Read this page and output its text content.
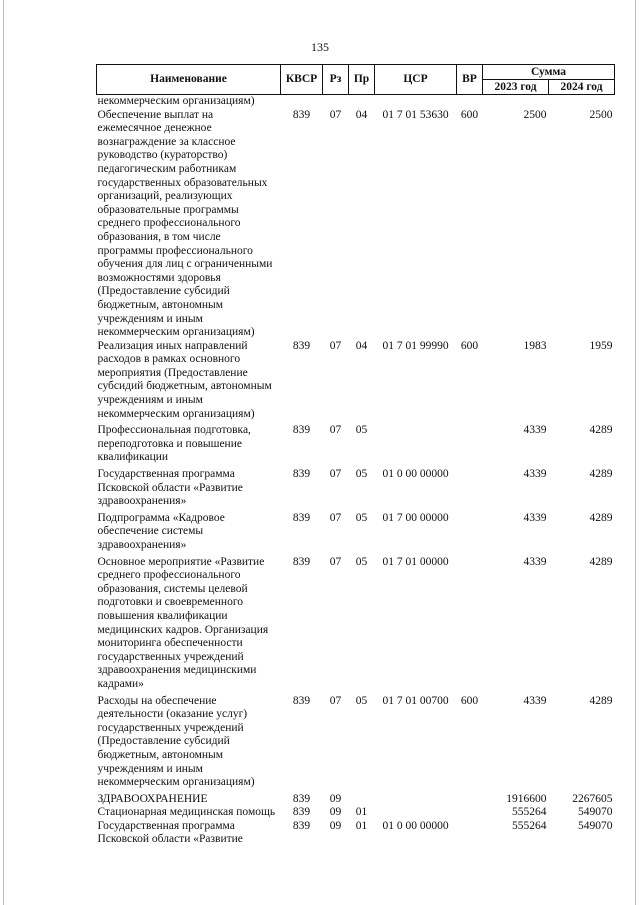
135
Наименование	КВСР	Рз	Пр	ЦСР	ВР	Сумма	
						2023 год	2024 год
некоммерческим организациям)							
Обеспечение выплат на ежемесячное денежное вознаграждение за классное руководство (кураторство) педагогическим работникам государственных образовательных организаций, реализующих образовательные программы среднего профессионального образования, в том числе программы профессионального обучения для лиц с ограниченными возможностями здоровья (Предоставление субсидий бюджетным, автономным учреждениям и иным некоммерческим организациям)	839	07	04	01 7 01 53630	600	2500	2500
Реализация иных направлений расходов в рамках основного мероприятия (Предоставление субсидий бюджетным, автономным учреждениям и иным некоммерческим организациям)	839	07	04	01 7 01 99990	600	1983	1959
Профессиональная подготовка, переподготовка и повышение квалификации	839	07	05			4339	4289
Государственная программа Псковской области «Развитие здравоохранения»	839	07	05	01 0 00 00000		4339	4289
Подпрограмма «Кадровое обеспечение системы здравоохранения»	839	07	05	01 7 00 00000		4339	4289
Основное мероприятие «Развитие среднего профессионального образования, системы целевой подготовки и своевременного повышения квалификации медицинских кадров. Организация мониторинга обеспеченности государственных учреждений здравоохранения медицинскими кадрами»	839	07	05	01 7 01 00000		4339	4289
Расходы на обеспечение деятельности (оказание услуг) государственных учреждений (Предоставление субсидий бюджетным, автономным учреждениям и иным некоммерческим организациям)	839	07	05	01 7 01 00700	600	4339	4289
ЗДРАВООХРАНЕНИЕ	839	09				1916600	2267605
Стационарная медицинская помощь	839	09	01			555264	549070
Государственная программа Псковской области «Развитие	839	09	01	01 0 00 00000		555264	549070
